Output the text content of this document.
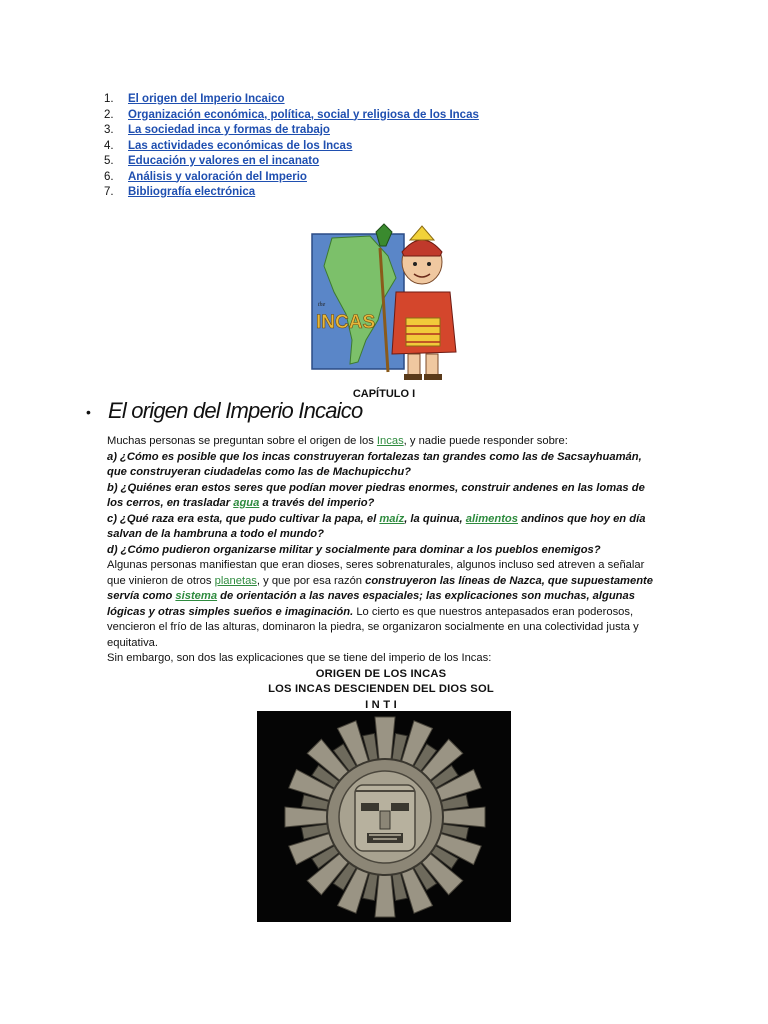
1. El origen del Imperio Incaico
2. Organización económica, política, social y religiosa de los Incas
3. La sociedad inca y formas de trabajo
4. Las actividades económicas de los Incas
5. Educación y valores en el incanato
6. Análisis y valoración del Imperio
7. Bibliografía electrónica
the
INCAS
CAPÍTULO I
• El origen del Imperio Incaico

Muchas personas se preguntan sobre el origen de los Incas, y nadie puede responder sobre:

a) ¿Cómo es posible que los incas construyeran fortalezas tan grandes como las de Sacsayhuamán, que construyeran ciudadelas como las de Machupicchu?

b) ¿Quiénes eran estos seres que podían mover piedras enormes, construir andenes en las lomas de los cerros, en trasladar agua a través del imperio?

c) ¿Qué raza era esta, que pudo cultivar la papa, el maíz, la quinua, alimentos andinos que hoy en día salvan de la hambruna a todo el mundo?

d) ¿Cómo pudieron organizarse militar y socialmente para dominar a los pueblos enemigos?

Algunas personas manifiestan que eran dioses, seres sobrenaturales, algunos incluso sed atreven a señalar que vinieron de otros planetas, y que por esa razón construyeron las líneas de Nazca, que supuestamente servía como sistema de orientación a las naves espaciales; las explicaciones son muchas, algunas lógicas y otras simples sueños e imaginación. Lo cierto es que nuestros antepasados eran poderosos, vencieron el frío de las alturas, dominaron la piedra, se organizaron socialmente en una colectividad justa y equitativa.

Sin embargo, son dos las explicaciones que se tiene del imperio de los Incas:

ORIGEN DE LOS INCAS

LOS INCAS DESCIENDEN DEL DIOS SOL

I N T I
